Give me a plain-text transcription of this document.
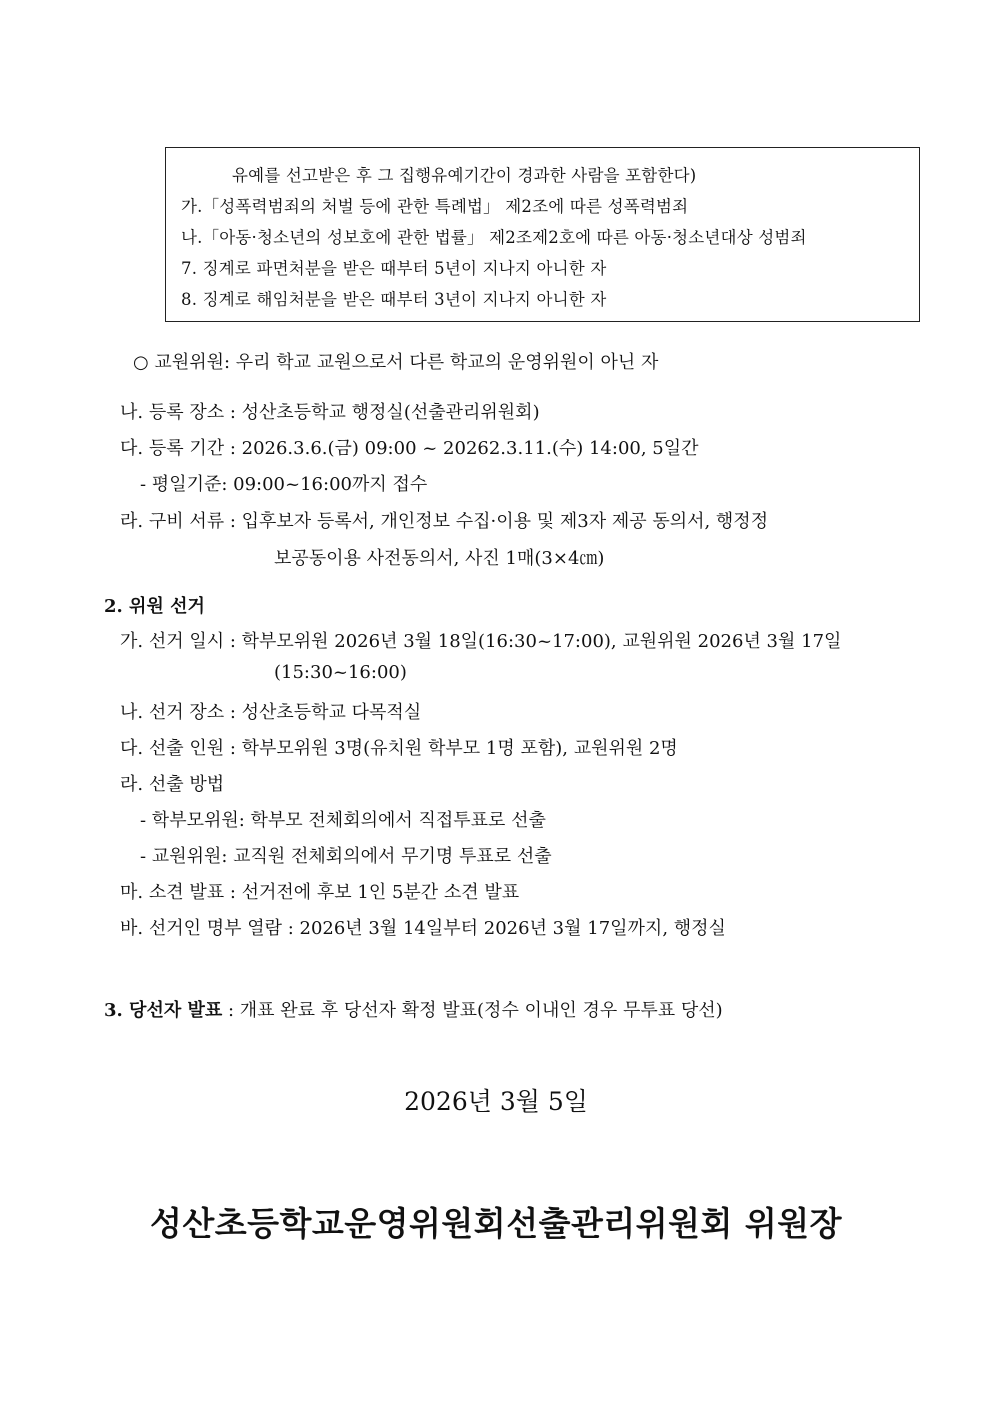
유예를 선고받은 후 그 집행유예기간이 경과한 사람을 포함한다)
가.「성폭력범죄의 처벌 등에 관한 특례법」 제2조에 따른 성폭력범죄
나.「아동·청소년의 성보호에 관한 법률」 제2조제2호에 따른 아동·청소년대상 성범죄
7. 징계로 파면처분을 받은 때부터 5년이 지나지 아니한 자
8. 징계로 해임처분을 받은 때부터 3년이 지나지 아니한 자
○ 교원위원: 우리 학교 교원으로서 다른 학교의 운영위원이 아닌 자
나. 등록 장소 : 성산초등학교 행정실(선출관리위원회)
다. 등록 기간 : 2026.3.6.(금) 09:00 ~ 20262.3.11.(수) 14:00, 5일간
- 평일기준: 09:00~16:00까지 접수
라. 구비 서류 : 입후보자 등록서, 개인정보 수집·이용 및 제3자 제공 동의서, 행정정
보공동이용 사전동의서, 사진 1매(3×4㎝)
2. 위원 선거
가. 선거 일시 : 학부모위원 2026년 3월 18일(16:30~17:00), 교원위원 2026년 3월 17일
(15:30~16:00)
나. 선거 장소 : 성산초등학교 다목적실
다. 선출 인원 : 학부모위원 3명(유치원 학부모 1명 포함), 교원위원 2명
라. 선출 방법
- 학부모위원: 학부모 전체회의에서 직접투표로 선출
- 교원위원: 교직원 전체회의에서 무기명 투표로 선출
마. 소견 발표 : 선거전에 후보 1인 5분간 소견 발표
바. 선거인 명부 열람 : 2026년 3월 14일부터 2026년 3월 17일까지, 행정실
3. 당선자 발표 : 개표 완료 후 당선자 확정 발표(정수 이내인 경우 무투표 당선)
2026년 3월 5일
성산초등학교운영위원회선출관리위원회 위원장
